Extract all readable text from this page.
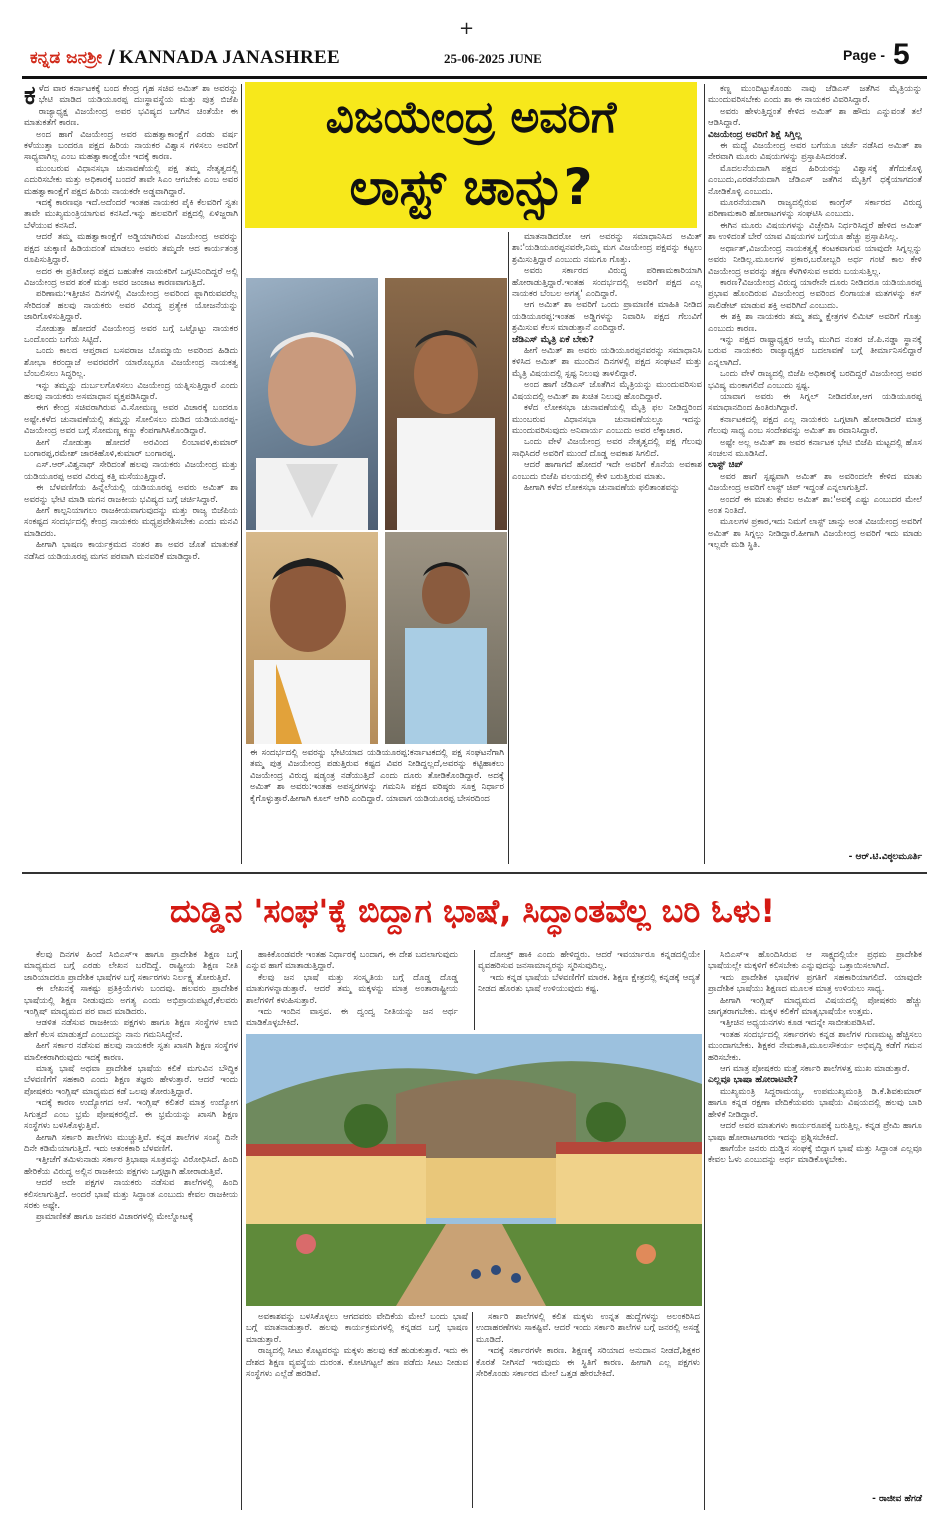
+
ಕನ್ನಡ ಜನಶ್ರೀ / KANNADA JANASHREE	25-06-2025 JUNE	Page - 5
ಕ ಳೆದ ವಾರ ಕರ್ನಾಟಕಕ್ಕೆ ಬಂದ ಕೇಂದ್ರ ಗೃಹ ಸಚಿವ ಅಮಿತ್ ಶಾ ಅವರನ್ನು ಭೇಟಿ ಮಾಡಿದ ಯಡಿಯೂರಪ್ಪ ದುಃಸ್ಥಾವಸ್ಥೆಯ ಮತ್ತು ಪುತ್ರ ಬಿಜೆಪಿ ರಾಜ್ಯಾಧ್ಯಕ್ಷ ವಿಜಯೇಂದ್ರ ಅವರ ಭವಿಷ್ಯದ ಬಗೆಗಿನ ಚಿಂತೆಯೇ ಈ ಮಾತುಕತೆಗೆ ಕಾರಣ.

ಅಂದ ಹಾಗೆ ವಿಜಯೇಂದ್ರ ಅವರ ಮಹತ್ವಾಕಾಂಕ್ಷೆಗೆ ಎರಡು ವರ್ಷ ಕಳೆಯುತ್ತಾ ಬಂದರೂ ಪಕ್ಷದ ಹಿರಿಯ ನಾಯಕರ ವಿಶ್ವಾಸ ಗಳಿಸಲು ಅವರಿಗೆ ಸಾಧ್ಯವಾಗಿಲ್ಲ ಎಂಬ ಮಹತ್ವಾಕಾಂಕ್ಷೆಯೇ ಇದಕ್ಕೆ ಕಾರಣ.

ಮುಂಬರುವ ವಿಧಾನಸಭಾ ಚುನಾವಣೆಯಲ್ಲಿ ಪಕ್ಷ ತಮ್ಮ ನೇತೃತ್ವದಲ್ಲಿ ಎದುರಿಸಬೇಕು ಮತ್ತು ಅಧಿಕಾರಕ್ಕೆ ಬಂದರೆ ತಾವೇ ಸಿಎಂ ಆಗಬೇಕು ಎಂಬ ಅವರ ಮಹತ್ವಾಕಾಂಕ್ಷೆಗೆ ಪಕ್ಷದ ಹಿರಿಯ ನಾಯಕರೇ ಅಡ್ಡವಾಗಿದ್ದಾರೆ.

ಇದಕ್ಕೆ ಕಾರಣವೂ ಇದೆ.ಅದೆಂದರೆ ಇಂತಹ ನಾಯಕರ ಪೈಕಿ ಕೆಲವರಿಗೆ ಸ್ವತಃ ತಾವೇ ಮುಖ್ಯಮಂತ್ರಿಯಾಗುವ ಕನಸಿದೆ.ಇನ್ನು ಹಲವರಿಗೆ ಪಕ್ಷದಲ್ಲಿ ಏಳಿಜ್ಜರಾಗಿ ಬೆಳೆಯುವ ಕನಸಿದೆ.

ಆದರೆ ತಮ್ಮ ಮಹತ್ವಾಕಾಂಕ್ಷೆಗೆ ಅಡ್ಡಿಯಾಗಿರುವ ವಿಜಯೇಂದ್ರ ಅವರನ್ನು ಪಕ್ಷದ ಚುಕ್ಕಾಣಿ ಹಿಡಿಯದಂತೆ ಮಾಡಲು ಅವರು ತಮ್ಮದೇ ಆದ ಕಾರ್ಯತಂತ್ರ ರೂಪಿಸುತ್ತಿದ್ದಾರೆ.

ಅದರ ಈ ಪ್ರತಿರೋಧ ಪಕ್ಷದ ಬಹುತೇಕ ನಾಯಕರಿಗೆ ಒಗ್ಗಟಿನಿಂದಿದ್ದರೆ ಅಲ್ಲಿ ವಿಜಯೇಂದ್ರ ಅವರ ಶಂಕೆ ಮತ್ತು ಅವರ ಜಂಜಾಟ ಕಾರಣವಾಗುತ್ತಿದೆ.

ಪರಿಣಾಮ:ಇತ್ತೀಚಿನ ದಿನಗಳಲ್ಲಿ ವಿಜಯೇಂದ್ರ ಅವರಿಂದ ಫ್ಲಾಗಿರುವವರೆಲ್ಲ ಸೇರಿದಂತೆ ಹಲವು ನಾಯಕರು ಅವರ ವಿರುದ್ಧ ಪ್ರತ್ಯೇಕ ಯೋಜನೆಯನ್ನು ಜಾರಿಗೊಳಿಸುತ್ತಿದ್ದಾರೆ.

ನೋಡುತ್ತಾ ಹೋದರೆ ವಿಜಯೇಂದ್ರ ಅವರ ಬಗ್ಗೆ ಒಟ್ಟೊಟ್ಟು ನಾಯಕರ ಒಂದೊಂದು ಬಗೆಯ ಸಿಟ್ಟಿದೆ.

ಒಂದು ಕಾಲದ ಆಪ್ತರಾದ ಬಸವರಾಜ ಬೊಮ್ಮಾಯಿ ಅವರಿಂದ ಹಿಡಿದು ಶೋಭಾ ಕರಂದ್ಲಾಜೆ ಅವರವರೆಗೆ ಯಾರೊಬ್ಬರೂ ವಿಜಯೇಂದ್ರ ನಾಯಕತ್ವ ಬೆಂಬಲಿಸಲು ಸಿದ್ಧರಿಲ್ಲ.

ಇನ್ನು ತಮ್ಮನ್ನು ದುರ್ಬಲಗೊಳಿಸಲು ವಿಜಯೇಂದ್ರ ಯತ್ನಿಸುತ್ತಿದ್ದಾರೆ ಎಂದು ಹಲವು ನಾಯಕರು ಅಸಮಾಧಾನ ವ್ಯಕ್ತಪಡಿಸಿದ್ದಾರೆ.

ಈಗ ಕೇಂದ್ರ ಸಚಿವರಾಗಿರುವ ವಿ.ಸೋಮಣ್ಣ ಅವರ ವಿಚಾರಕ್ಕೆ ಬಂದರೂ ಅಷ್ಟೇ.ಕಳೆದ ಚುನಾವಣೆಯಲ್ಲಿ ತಮ್ಮನ್ನು ಸೋಲಿಸಲು ದುಡಿದ ಯಡಿಯೂರಪ್ಪ-ವಿಜಯೇಂದ್ರ ಅವರ ಬಗ್ಗೆ ಸೋಮಣ್ಣ ಕಣ್ಣು ಕೆಂಪಗಾಗಿಸಿಕೊಂಡಿದ್ದಾರೆ.

ಹೀಗೆ ನೋಡುತ್ತಾ ಹೋದರೆ ಅರವಿಂದ ಲಿಂಬಾವಳಿ,ಕುಮಾರ್ ಬಂಗಾರಪ್ಪ,ರಮೇಶ್ ಜಾರಕಿಹೊಳಿ,ಕುಮಾರ್ ಬಂಗಾರಪ್ಪ.

ಎಸ್.ಆರ್.ವಿಶ್ವನಾಥ್ ಸೇರಿದಂತೆ ಹಲವು ನಾಯಕರು ವಿಜಯೇಂದ್ರ ಮತ್ತು ಯಡಿಯೂರಪ್ಪ ಅವರ ವಿರುದ್ಧ ಕತ್ತಿ ಮಸೆಯುತ್ತಿದ್ದಾರೆ.

ಈ ಬೆಳವಣಿಗೆಯ ಹಿನ್ನೆಲೆಯಲ್ಲಿ ಯಡಿಯೂರಪ್ಪ ಅವರು ಅಮಿತ್ ಶಾ ಅವರನ್ನು ಭೇಟಿ ಮಾಡಿ ಮಗನ ರಾಜಕೀಯ ಭವಿಷ್ಯದ ಬಗ್ಗೆ ಚರ್ಚಿಸಿದ್ದಾರೆ.

ಹೀಗೆ ಕಾಲ್ಪನಿಯಾಗಲು ರಾಜಕೀಯವಾಗುವುದನ್ನು ಮತ್ತು ರಾಜ್ಯ ಬಿಜೆಪಿಯ ಸಂಕಷ್ಟದ ಸಂದರ್ಭದಲ್ಲಿ ಕೇಂದ್ರ ನಾಯಕರು ಮಧ್ಯಪ್ರವೇಶಿಸಬೇಕು ಎಂದು ಮನವಿ ಮಾಡಿದರು.

ಹೀಗಾಗಿ ಭಾಷಣ ಕಾರ್ಯಕ್ರಮದ ನಂತರ ಶಾ ಅವರ ಜೊತೆ ಮಾತುಕತೆ ನಡೆಸಿದ ಯಡಿಯೂರಪ್ಪ ಮಗನ ಪರವಾಗಿ ಮನವರಿಕೆ ಮಾಡಿದ್ದಾರೆ.

ವಿಜಯೇಂದ್ರ ಅವರಿಗೆ
ಲಾಸ್ಟ್ ಚಾನ್ಸು?
ಈ ಸಂದರ್ಭದಲ್ಲಿ ಅವರನ್ನು ಭೇಟಿಯಾದ ಯಡಿಯೂರಪ್ಪ:ಕರ್ನಾಟಕದಲ್ಲಿ ಪಕ್ಷ ಸಂಘಟನೆಗಾಗಿ ತಮ್ಮ ಪುತ್ರ ವಿಜಯೇಂದ್ರ ಪಡುತ್ತಿರುವ ಕಷ್ಟದ ವಿವರ ನೀಡಿದ್ದಲ್ಲದೆ,ಅವರನ್ನು ಕಟ್ಟಿಹಾಕಲು ವಿಜಯೇಂದ್ರ ವಿರುದ್ಧ ಷಡ್ಯಂತ್ರ ನಡೆಯುತ್ತಿದೆ ಎಂದು ದೂರು ತೋಡಿಕೊಂಡಿದ್ದಾರೆ. ಅದಕ್ಕೆ ಅಮಿತ್ ಶಾ ಅವರು:ಇಂತಹ ಅಪಸ್ವರಗಳನ್ನು ಗಮನಿಸಿ ಪಕ್ಷದ ವರಿಷ್ಠರು ಸೂಕ್ತ ನಿರ್ಧಾರ ಕೈಗೊಳ್ಳುತ್ತಾರೆ.ಹೀಗಾಗಿ ಕೂಲ್ ಆಗಿರಿ ಎಂದಿದ್ದಾರೆ. ಯಾವಾಗ ಯಡಿಯೂರಪ್ಪ ಬೇಸರದಿಂದ

ಮಾತನಾಡಿದರೋ ಆಗ ಅವರನ್ನು ಸಮಾಧಾನಿಸಿದ ಅಮಿತ್ ಶಾ:'ಯಡಿಯೂರಪ್ಪನವರೇ,ನಿಮ್ಮ ಮಗ ವಿಜಯೇಂದ್ರ ಪಕ್ಷವನ್ನು ಕಟ್ಟಲು ಶ್ರಮಿಸುತ್ತಿದ್ದಾರೆ ಎಂಬುದು ನಮಗೂ ಗೊತ್ತು.

ಅವರು ಸರ್ಕಾರದ ವಿರುದ್ಧ ಪರಿಣಾಮಕಾರಿಯಾಗಿ ಹೋರಾಡುತ್ತಿದ್ದಾರೆ.ಇಂತಹ ಸಂದರ್ಭದಲ್ಲಿ ಅವರಿಗೆ ಪಕ್ಷದ ಎಲ್ಲ ನಾಯಕರ ಬೆಂಬಲ ಅಗತ್ಯ' ಎಂದಿದ್ದಾರೆ.

ಆಗ ಅಮಿತ್ ಶಾ ಅವರಿಗೆ ಒಂದು ಪ್ರಾಮಾಣಿಕ ಮಾಹಿತಿ ನೀಡಿದ ಯಡಿಯೂರಪ್ಪ:ಇಂತಹ ಅಡ್ಡಿಗಳನ್ನು ನಿವಾರಿಸಿ ಪಕ್ಷದ ಗೆಲುವಿಗೆ ಶ್ರಮಿಸುವ ಕೆಲಸ ಮಾಡುತ್ತಾನೆ ಎಂದಿದ್ದಾರೆ.

ಜೆಡಿಎಸ್ ಮೈತ್ರಿ ಏಕೆ ಬೇಕು?

ಹೀಗೆ ಅಮಿತ್ ಶಾ ಅವರು ಯಡಿಯೂರಪ್ಪನವರನ್ನು ಸಮಾಧಾನಿಸಿ ಕಳಿಸಿದ ಅಮಿತ್ ಶಾ ಮುಂದಿನ ದಿನಗಳಲ್ಲಿ ಪಕ್ಷದ ಸಂಘಟನೆ ಮತ್ತು ಮೈತ್ರಿ ವಿಷಯದಲ್ಲಿ ಸ್ಪಷ್ಟ ನಿಲುವು ತಾಳಲಿದ್ದಾರೆ.

ಅಂದ ಹಾಗೆ ಜೆಡಿಎಸ್ ಜೊತೆಗಿನ ಮೈತ್ರಿಯನ್ನು ಮುಂದುವರಿಸುವ ವಿಷಯದಲ್ಲಿ ಅಮಿತ್ ಶಾ ಖಚಿತ ನಿಲುವು ಹೊಂದಿದ್ದಾರೆ.

ಕಳೆದ ಲೋಕಸಭಾ ಚುನಾವಣೆಯಲ್ಲಿ ಮೈತ್ರಿ ಫಲ ನೀಡಿದ್ದರಿಂದ ಮುಂಬರುವ ವಿಧಾನಸಭಾ ಚುನಾವಣೆಯಲ್ಲೂ ಇದನ್ನು ಮುಂದುವರಿಸುವುದು ಅನಿವಾರ್ಯ ಎಂಬುದು ಅವರ ಲೆಕ್ಕಾಚಾರ.

ಒಂದು ವೇಳೆ ವಿಜಯೇಂದ್ರ ಅವರ ನೇತೃತ್ವದಲ್ಲಿ ಪಕ್ಷ ಗೆಲುವು ಸಾಧಿಸಿದರೆ ಅವರಿಗೆ ಮುಂದೆ ದೊಡ್ಡ ಅವಕಾಶ ಸಿಗಲಿದೆ.

ಆದರೆ ಹಾಗಾಗದೆ ಹೋದರೆ ಇದೇ ಅವರಿಗೆ ಕೊನೆಯ ಅವಕಾಶ ಎಂಬುದು ಬಿಜೆಪಿ ವಲಯದಲ್ಲಿ ಕೇಳಿ ಬರುತ್ತಿರುವ ಮಾತು.

ಹೀಗಾಗಿ ಕಳೆದ ಲೋಕಸಭಾ ಚುನಾವಣೆಯ ಫಲಿತಾಂಶವನ್ನು

ಕಣ್ಣ ಮುಂದಿಟ್ಟುಕೊಂಡು ನಾವು ಜೆಡಿಎಸ್ ಜತೆಗಿನ ಮೈತ್ರಿಯನ್ನು ಮುಂದುವರಿಸಬೇಕು ಎಂದು ಶಾ ಈ ನಾಯಕರ ವಿವರಿಸಿದ್ದಾರೆ.

ಅವರು ಹೇಳುತ್ತಿದ್ದಂತೆ ಕೇಳಿದ ಅಮಿತ್ ಶಾ ಹೌದು ಎನ್ನುವಂತೆ ತಲೆ ಆಡಿಸಿದ್ದಾರೆ.

ವಿಜಯೇಂದ್ರ ಅವರಿಗೆ ಶಿಕ್ಷೆ ಸಿಗ್ತಿಲ್ಲ

ಈ ಮಧ್ಯೆ ವಿಜಯೇಂದ್ರ ಅವರ ಬಗೆಯೂ ಚರ್ಚೆ ನಡೆಸಿದ ಅಮಿತ್ ಶಾ ನೇರವಾಗಿ ಮೂರು ವಿಷಯಗಳನ್ನು ಪ್ರಸ್ತಾಪಿಸಿದರಂತೆ.

ಮೊದಲನೆಯದಾಗಿ ಪಕ್ಷದ ಹಿರಿಯರನ್ನು ವಿಶ್ವಾಸಕ್ಕೆ ತೆಗೆದುಕೊಳ್ಳಿ ಎಂಬುದು,ಎರಡನೆಯದಾಗಿ ಜೆಡಿಎಸ್ ಜತೆಗಿನ ಮೈತ್ರಿಗೆ ಧಕ್ಕೆಯಾಗದಂತೆ ನೋಡಿಕೊಳ್ಳಿ ಎಂಬುದು.

ಮೂರನೆಯದಾಗಿ ರಾಜ್ಯದಲ್ಲಿರುವ ಕಾಂಗ್ರೆಸ್ ಸರ್ಕಾರದ ವಿರುದ್ಧ ಪರಿಣಾಮಕಾರಿ ಹೋರಾಟಗಳನ್ನು ಸಂಘಟಿಸಿ ಎಂಬುದು.

ಈಗಿನ ಮೂರು ವಿಷಯಗಳನ್ನು ವಿಚ್ಛೇದಿಸಿ ನಿರ್ಧರಿಸಿದ್ದರೆ ಹೇಳಿದ ಅಮಿತ್ ಶಾ ಉಳಿದಂತೆ ಬೇರೆ ಯಾವ ವಿಷಯಗಳ ಬಗ್ಗೆಯೂ ಹೆಚ್ಚು ಪ್ರಸ್ತಾಪಿಸಿಲ್ಲ.

ಅರ್ಥಾತ್,ವಿಜಯೇಂದ್ರ ನಾಯಕತ್ವಕ್ಕೆ ಕಂಟಕವಾಗುವ ಯಾವುದೇ ಸಿಗ್ನಲ್ಲನ್ನು ಅವರು ನೀಡಿಲ್ಲ.ಮೂಲಗಳ ಪ್ರಕಾರ,ಬರೋಬ್ಬರಿ ಅರ್ಧ ಗಂಟೆ ಕಾಲ ಕೇಳಿ ವಿಜಯೇಂದ್ರ ಅವರನ್ನು ತಕ್ಷಣ ಕೆಳಗಿಳಿಸುವ ಅವರು ಬಯಸುತ್ತಿಲ್ಲ.

ಕಾರಣ?ವಿಜಯೇಂದ್ರ ವಿರುದ್ಧ ಯಾರೇನೇ ದೂರು ನೀಡಿದರೂ ಯಡಿಯೂರಪ್ಪ ಪ್ರಭಾವ ಹೊಂದಿರುವ ವಿಜಯೇಂದ್ರ ಅವರಿಂದ ಲಿಂಗಾಯತ ಮತಗಳನ್ನು ಕಸ್ ಸಾಲಿಡೇಟ್ ಮಾಡುವ ಶಕ್ತಿ ಅವರಿಗಿದೆ ಎಂಬುದು.

ಈ ಶಕ್ತಿ ಶಾ ನಾಯಕರು ತಮ್ಮ ತಮ್ಮ ಕ್ಷೇತ್ರಗಳ ಲಿಮಿಟ್ ಅವರಿಗೆ ಗೊತ್ತು ಎಂಬುದು ಕಾರಣ.

ಇನ್ನು ಪಕ್ಷದ ರಾಷ್ಟ್ರಾಧ್ಯಕ್ಷರ ಆಯ್ಕೆ ಮುಗಿದ ನಂತರ ಜೆ.ಪಿ.ನಡ್ಡಾ ಸ್ಥಾನಕ್ಕೆ ಬರುವ ನಾಯಕರು ರಾಜ್ಯಾಧ್ಯಕ್ಷರ ಬದಲಾವಣೆ ಬಗ್ಗೆ ತೀರ್ಮಾನಿಸಲಿದ್ದಾರೆ ಎನ್ನಲಾಗಿದೆ.

ಒಂದು ವೇಳೆ ರಾಜ್ಯದಲ್ಲಿ ಬಿಜೆಪಿ ಅಧಿಕಾರಕ್ಕೆ ಬರದಿದ್ದರೆ ವಿಜಯೇಂದ್ರ ಅವರ ಭವಿಷ್ಯ ಮಂಕಾಗಲಿದೆ ಎಂಬುದು ಸ್ಪಷ್ಟ.

ಯಾವಾಗ ಅವರು ಈ ಸಿಗ್ನಲ್ ನೀಡಿದರೋ,ಆಗ ಯಡಿಯೂರಪ್ಪ ಸಮಾಧಾನದಿಂದ ಹಿಂತಿರುಗಿದ್ದಾರೆ.

ಕರ್ನಾಟಕದಲ್ಲಿ ಪಕ್ಷದ ಎಲ್ಲ ನಾಯಕರು ಒಗ್ಗಟಾಗಿ ಹೋರಾಡಿದರೆ ಮಾತ್ರ ಗೆಲುವು ಸಾಧ್ಯ ಎಂಬ ಸಂದೇಶವನ್ನು ಅಮಿತ್ ಶಾ ರವಾನಿಸಿದ್ದಾರೆ.

ಅಷ್ಟೇ ಅಲ್ಲ ಅಮಿತ್ ಶಾ ಅವರ ಕರ್ನಾಟಕ ಭೇಟಿ ಬಿಜೆಪಿ ಮಟ್ಟದಲ್ಲಿ ಹೊಸ ಸಂಚಲನ ಮೂಡಿಸಿದೆ.

ಲಾಸ್ಟ್ ಚಿಪ್

ಅವರ ಹಾಗೆ ಸ್ಪಷ್ಟವಾಗಿ ಅಮಿತ್ ಶಾ ಅವರಿಂದಲೇ ಕೇಳಿದ ಮಾತು ವಿಜಯೇಂದ್ರ ಅವರಿಗೆ ಲಾಸ್ಟ್ ಚಿಪ್ ಇದ್ದಂತೆ ಎನ್ನಲಾಗುತ್ತಿದೆ.

ಅಂದರೆ ಈ ಮಾತು ಕೇವಲ ಅಮಿತ್ ಶಾ:'ಅವಕ್ಕೆ ಎಷ್ಟು ಎಂಬುದರ ಮೇಲೆ ಅಂತ ನಿಂತಿದೆ.

ಮೂಲಗಳ ಪ್ರಕಾರ,ಇದು ನಿಮಗೆ ಲಾಸ್ಟ್ ಚಾನ್ಸು ಅಂತ ವಿಜಯೇಂದ್ರ ಅವರಿಗೆ ಅಮಿತ್ ಶಾ ಸಿಗ್ನಲ್ಲು ನೀಡಿದ್ದಾರೆ.ಹೀಗಾಗಿ ವಿಜಯೇಂದ್ರ ಅವರಿಗೆ ಇದು ಮಾಡು ಇಲ್ಲವೇ ಮಡಿ ಸ್ಥಿತಿ.

- ಆರ್.ಟಿ.ವಿಠ್ಠಲಮೂರ್ತಿ
ದುಡ್ಡಿನ 'ಸಂಘ'ಕ್ಕೆ ಬಿದ್ದಾಗ ಭಾಷೆ, ಸಿದ್ಧಾಂತವೆಲ್ಲ ಬರಿ ಓಳು!

ಕೆಲವು ದಿನಗಳ ಹಿಂದೆ ಸಿಬಿಎಸ್‌ಇ ಹಾಗೂ ಪ್ರಾದೇಶಿಕ ಶಿಕ್ಷಣ ಬಗ್ಗೆ ಮಾಧ್ಯಮದ ಬಗ್ಗೆ ಎರಡು ಲೇಖನ ಬರೆದಿದ್ದೆ. ರಾಷ್ಟ್ರೀಯ ಶಿಕ್ಷಣ ನೀತಿ ಜಾರಿಯಾದರೂ ಪ್ರಾದೇಶಿಕ ಭಾಷೆಗಳ ಬಗ್ಗೆ ಸರ್ಕಾರಗಳು ನಿರ್ಲಕ್ಷ್ಯ ತೋರುತ್ತಿವೆ.

ಈ ಲೇಖನಕ್ಕೆ ಸಾಕಷ್ಟು ಪ್ರತಿಕ್ರಿಯೆಗಳು ಬಂದವು. ಹಲವರು ಪ್ರಾದೇಶಿಕ ಭಾಷೆಯಲ್ಲಿ ಶಿಕ್ಷಣ ನೀಡುವುದು ಅಗತ್ಯ ಎಂದು ಅಭಿಪ್ರಾಯಪಟ್ಟರೆ,ಕೆಲವರು ಇಂಗ್ಲಿಷ್ ಮಾಧ್ಯಮದ ಪರ ವಾದ ಮಾಡಿದರು.

ಆಡಳಿತ ನಡೆಸುವ ರಾಜಕೀಯ ಪಕ್ಷಗಳು ಹಾಗೂ ಶಿಕ್ಷಣ ಸಂಸ್ಥೆಗಳ ಲಾಬಿ ಹೇಗೆ ಕೆಲಸ ಮಾಡುತ್ತದೆ ಎಂಬುದನ್ನು ನಾನು ಗಮನಿಸಿದ್ದೇನೆ.

ಹೀಗೆ ಸರ್ಕಾರ ನಡೆಸುವ ಹಲವು ನಾಯಕರೇ ಸ್ವತಃ ಖಾಸಗಿ ಶಿಕ್ಷಣ ಸಂಸ್ಥೆಗಳ ಮಾಲೀಕರಾಗಿರುವುದು ಇದಕ್ಕೆ ಕಾರಣ.

ಮಾತೃ ಭಾಷೆ ಅಥವಾ ಪ್ರಾದೇಶಿಕ ಭಾಷೆಯ ಕಲಿಕೆ ಮಗುವಿನ ಬೌದ್ಧಿಕ ಬೆಳವಣಿಗೆಗೆ ಸಹಕಾರಿ ಎಂದು ಶಿಕ್ಷಣ ತಜ್ಞರು ಹೇಳುತ್ತಾರೆ. ಆದರೆ ಇಂದು ಪೋಷಕರು ಇಂಗ್ಲಿಷ್ ಮಾಧ್ಯಮದ ಕಡೆ ಒಲವು ತೋರುತ್ತಿದ್ದಾರೆ.

ಇದಕ್ಕೆ ಕಾರಣ ಉದ್ಯೋಗದ ಆಸೆ. ಇಂಗ್ಲಿಷ್ ಕಲಿತರೆ ಮಾತ್ರ ಉದ್ಯೋಗ ಸಿಗುತ್ತದೆ ಎಂಬ ಭ್ರಮೆ ಪೋಷಕರಲ್ಲಿದೆ. ಈ ಭ್ರಮೆಯನ್ನು ಖಾಸಗಿ ಶಿಕ್ಷಣ ಸಂಸ್ಥೆಗಳು ಬಳಸಿಕೊಳ್ಳುತ್ತಿವೆ.

ಹೀಗಾಗಿ ಸರ್ಕಾರಿ ಶಾಲೆಗಳು ಮುಚ್ಚುತ್ತಿವೆ. ಕನ್ನಡ ಶಾಲೆಗಳ ಸಂಖ್ಯೆ ದಿನೇ ದಿನೇ ಕಡಿಮೆಯಾಗುತ್ತಿದೆ. ಇದು ಆತಂಕಕಾರಿ ಬೆಳವಣಿಗೆ.

ಇತ್ತೀಚೆಗೆ ತಮಿಳುನಾಡು ಸರ್ಕಾರ ತ್ರಿಭಾಷಾ ಸೂತ್ರವನ್ನು ವಿರೋಧಿಸಿದೆ. ಹಿಂದಿ ಹೇರಿಕೆಯ ವಿರುದ್ಧ ಅಲ್ಲಿನ ರಾಜಕೀಯ ಪಕ್ಷಗಳು ಒಗ್ಗಟ್ಟಾಗಿ ಹೋರಾಡುತ್ತಿವೆ.

ಆದರೆ ಅದೇ ಪಕ್ಷಗಳ ನಾಯಕರು ನಡೆಸುವ ಶಾಲೆಗಳಲ್ಲಿ ಹಿಂದಿ ಕಲಿಸಲಾಗುತ್ತಿದೆ. ಅಂದರೆ ಭಾಷೆ ಮತ್ತು ಸಿದ್ಧಾಂತ ಎಂಬುದು ಕೇವಲ ರಾಜಕೀಯ ಸರಕು ಅಷ್ಟೇ.

ಪ್ರಾಮಾಣಿಕತೆ ಹಾಗೂ ಜನಪರ ವಿಚಾರಗಳಲ್ಲಿ ಮೇಲ್ನೋಟಕ್ಕೆ

ಹಾಕಿಕೊಂಡವರೇ ಇಂತಹ ನಿರ್ಧಾರಕ್ಕೆ ಬಂದಾಗ, ಈ ದೇಶ ಬದಲಾಗುವುದು ಎನ್ನುವ ಹಾಗೆ ಮಾತಾಡುತ್ತಿದ್ದಾರೆ.

ಕೆಲವು ಜನ ಭಾಷೆ ಮತ್ತು ಸಂಸ್ಕೃತಿಯ ಬಗ್ಗೆ ದೊಡ್ಡ ದೊಡ್ಡ ಮಾತುಗಳನ್ನಾಡುತ್ತಾರೆ. ಆದರೆ ತಮ್ಮ ಮಕ್ಕಳನ್ನು ಮಾತ್ರ ಅಂತಾರಾಷ್ಟ್ರೀಯ ಶಾಲೆಗಳಿಗೆ ಕಳುಹಿಸುತ್ತಾರೆ.

ಇದು ಇಂದಿನ ವಾಸ್ತವ. ಈ ದ್ವಂದ್ವ ನೀತಿಯನ್ನು ಜನ ಅರ್ಥ ಮಾಡಿಕೊಳ್ಳಬೇಕಿದೆ.

ದೋಚ್ತ್ ಹಾಕಿ ಎಂದು ಹೇಳಿದ್ದರು. ಆದರೆ ಇವರ್ಯಾರೂ ಕನ್ನಡದಲ್ಲಿಯೇ ವ್ಯವಹರಿಸುವ ಜನಸಾಮಾನ್ಯರನ್ನು ಸ್ಮರಿಸುವುದಿಲ್ಲ.

ಇದು ಕನ್ನಡ ಭಾಷೆಯ ಬೆಳವಣಿಗೆಗೆ ಮಾರಕ. ಶಿಕ್ಷಣ ಕ್ಷೇತ್ರದಲ್ಲಿ ಕನ್ನಡಕ್ಕೆ ಆದ್ಯತೆ ನೀಡದ ಹೊರತು ಭಾಷೆ ಉಳಿಯುವುದು ಕಷ್ಟ.

ಅವಕಾಶವನ್ನು ಬಳಸಿಕೊಳ್ಳಲು ಆಗದವರು ವೇದಿಕೆಯ ಮೇಲೆ ಬಂದು ಭಾಷೆ ಬಗ್ಗೆ ಮಾತನಾಡುತ್ತಾರೆ. ಹಲವು ಕಾರ್ಯಕ್ರಮಗಳಲ್ಲಿ ಕನ್ನಡದ ಬಗ್ಗೆ ಭಾಷಣ ಮಾಡುತ್ತಾರೆ.

ರಾಜ್ಯದಲ್ಲಿ ಸೀಟು ಕೊಟ್ಟವರನ್ನು ಮಕ್ಕಳು ಹಲವು ಕಡೆ ಹುಡುಕುತ್ತಾರೆ. ಇದು ಈ ದೇಶದ ಶಿಕ್ಷಣ ವ್ಯವಸ್ಥೆಯ ದುರಂತ. ಕೋಟಿಗಟ್ಟಲೆ ಹಣ ಪಡೆದು ಸೀಟು ನೀಡುವ ಸಂಸ್ಥೆಗಳು ಎಲ್ಲೆಡೆ ಹರಡಿವೆ.

ಸರ್ಕಾರಿ ಶಾಲೆಗಳಲ್ಲಿ ಕಲಿತ ಮಕ್ಕಳು ಉನ್ನತ ಹುದ್ದೆಗಳನ್ನು ಅಲಂಕರಿಸಿದ ಉದಾಹರಣೆಗಳು ಸಾಕಷ್ಟಿವೆ. ಆದರೆ ಇಂದು ಸರ್ಕಾರಿ ಶಾಲೆಗಳ ಬಗ್ಗೆ ಜನರಲ್ಲಿ ಅಸಡ್ಡೆ ಮೂಡಿದೆ.

ಇದಕ್ಕೆ ಸರ್ಕಾರಗಳೇ ಕಾರಣ. ಶಿಕ್ಷಣಕ್ಕೆ ಸರಿಯಾದ ಅನುದಾನ ನೀಡದೆ,ಶಿಕ್ಷಕರ ಕೊರತೆ ನೀಗಿಸದೆ ಇರುವುದು ಈ ಸ್ಥಿತಿಗೆ ಕಾರಣ. ಹೀಗಾಗಿ ಎಲ್ಲ ಪಕ್ಷಗಳು ಸೇರಿಕೊಂಡು ಸರ್ಕಾರದ ಮೇಲೆ ಒತ್ತಡ ಹೇರಬೇಕಿದೆ.

ಸಿಬಿಎಸ್‌ಇ ಹೊಂದಿಸಿರುವ ಆ ಸಾಕ್ಷ್ಯದಲ್ಲಿಯೇ ಪ್ರಥಮ ಪ್ರಾದೇಶಿಕ ಭಾಷೆಯಲ್ಲೇ ಮಕ್ಕಳಿಗೆ ಕಲಿಸಬೇಕು ಎನ್ನುವುದನ್ನು ಒತ್ತಾಯಿಸಲಾಗಿದೆ.

ಇದು ಪ್ರಾದೇಶಿಕ ಭಾಷೆಗಳ ಪ್ರಗತಿಗೆ ಸಹಕಾರಿಯಾಗಲಿದೆ. ಯಾವುದೇ ಪ್ರಾದೇಶಿಕ ಭಾಷೆಯು ಶಿಕ್ಷಣದ ಮೂಲಕ ಮಾತ್ರ ಉಳಿಯಲು ಸಾಧ್ಯ.

ಹೀಗಾಗಿ ಇಂಗ್ಲಿಷ್ ಮಾಧ್ಯಮದ ವಿಷಯದಲ್ಲಿ ಪೋಷಕರು ಹೆಚ್ಚು ಜಾಗೃತರಾಗಬೇಕು. ಮಕ್ಕಳ ಕಲಿಕೆಗೆ ಮಾತೃಭಾಷೆಯೇ ಉತ್ತಮ.

ಇತ್ತೀಚಿನ ಅಧ್ಯಯನಗಳು ಕೂಡ ಇದನ್ನೇ ಸಾಬೀತುಪಡಿಸಿವೆ.

ಇಂತಹ ಸಂದರ್ಭದಲ್ಲಿ ಸರ್ಕಾರಗಳು ಕನ್ನಡ ಶಾಲೆಗಳ ಗುಣಮಟ್ಟ ಹೆಚ್ಚಿಸಲು ಮುಂದಾಗಬೇಕು. ಶಿಕ್ಷಕರ ನೇಮಕಾತಿ,ಮೂಲಸೌಕರ್ಯ ಅಭಿವೃದ್ಧಿ ಕಡೆಗೆ ಗಮನ ಹರಿಸಬೇಕು.

ಆಗ ಮಾತ್ರ ಪೋಷಕರು ಮತ್ತೆ ಸರ್ಕಾರಿ ಶಾಲೆಗಳತ್ತ ಮುಖ ಮಾಡುತ್ತಾರೆ.

ಎಲ್ಲವೂ ಭಾಷಾ ಹೋರಾಟವೇ?

ಮುಖ್ಯಮಂತ್ರಿ ಸಿದ್ದರಾಮಯ್ಯ, ಉಪಮುಖ್ಯಮಂತ್ರಿ ಡಿ.ಕೆ.ಶಿವಕುಮಾರ್ ಹಾಗೂ ಕನ್ನಡ ರಕ್ಷಣಾ ವೇದಿಕೆಯವರು ಭಾಷೆಯ ವಿಷಯದಲ್ಲಿ ಹಲವು ಬಾರಿ ಹೇಳಿಕೆ ನೀಡಿದ್ದಾರೆ.

ಆದರೆ ಅವರ ಮಾತುಗಳು ಕಾರ್ಯರೂಪಕ್ಕೆ ಬರುತ್ತಿಲ್ಲ. ಕನ್ನಡ ಪ್ರೇಮಿ ಹಾಗೂ ಭಾಷಾ ಹೋರಾಟಗಾರರು ಇದನ್ನು ಪ್ರಶ್ನಿಸಬೇಕಿದೆ.

ಹಾಗೆಯೇ ಜನರು ದುಡ್ಡಿನ ಸಂಘಕ್ಕೆ ಬಿದ್ದಾಗ ಭಾಷೆ ಮತ್ತು ಸಿದ್ಧಾಂತ ಎಲ್ಲವೂ ಕೇವಲ ಓಳು ಎಂಬುದನ್ನು ಅರ್ಥ ಮಾಡಿಕೊಳ್ಳಬೇಕು.

- ರಾಜೀವ ಹೆಗಡೆ
